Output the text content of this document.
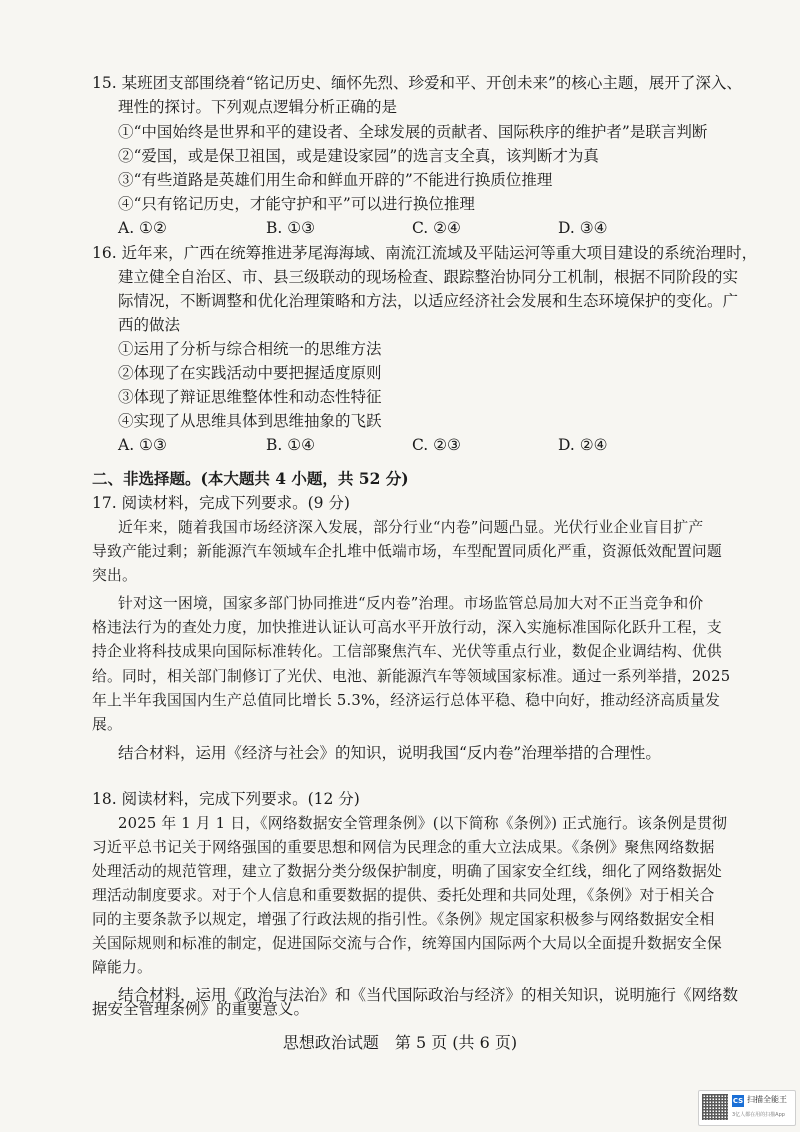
15. 某班团支部围绕着“铭记历史、缅怀先烈、珍爱和平、开创未来”的核心主题，展开了深入、
理性的探讨。下列观点逻辑分析正确的是
①“中国始终是世界和平的建设者、全球发展的贡献者、国际秩序的维护者”是联言判断
②“爱国，或是保卫祖国，或是建设家园”的选言支全真，该判断才为真
③“有些道路是英雄们用生命和鲜血开辟的”不能进行换质位推理
④“只有铭记历史，才能守护和平”可以进行换位推理
A. ①②	B. ①③	C. ②④	D. ③④
16. 近年来，广西在统筹推进茅尾海海域、南流江流域及平陆运河等重大项目建设的系统治理时，
建立健全自治区、市、县三级联动的现场检查、跟踪整治协同分工机制，根据不同阶段的实
际情况，不断调整和优化治理策略和方法，以适应经济社会发展和生态环境保护的变化。广
西的做法
①运用了分析与综合相统一的思维方法
②体现了在实践活动中要把握适度原则
③体现了辩证思维整体性和动态性特征
④实现了从思维具体到思维抽象的飞跃
A. ①③	B. ①④	C. ②③	D. ②④
二、非选择题。(本大题共 4 小题，共 52 分)
17. 阅读材料，完成下列要求。(9 分)
近年来，随着我国市场经济深入发展，部分行业“内卷”问题凸显。光伏行业企业盲目扩产
导致产能过剩；新能源汽车领域车企扎堆中低端市场，车型配置同质化严重，资源低效配置问题
突出。
针对这一困境，国家多部门协同推进“反内卷”治理。市场监管总局加大对不正当竞争和价
格违法行为的查处力度，加快推进认证认可高水平开放行动，深入实施标准国际化跃升工程，支
持企业将科技成果向国际标准转化。工信部聚焦汽车、光伏等重点行业，数促企业调结构、优供
给。同时，相关部门制修订了光伏、电池、新能源汽车等领域国家标准。通过一系列举措，2025
年上半年我国国内生产总值同比增长 5.3%，经济运行总体平稳、稳中向好，推动经济高质量发
展。
结合材料，运用《经济与社会》的知识，说明我国“反内卷”治理举措的合理性。
18. 阅读材料，完成下列要求。(12 分)
2025 年 1 月 1 日，《网络数据安全管理条例》(以下简称《条例》) 正式施行。该条例是贯彻
习近平总书记关于网络强国的重要思想和网信为民理念的重大立法成果。《条例》聚焦网络数据
处理活动的规范管理，建立了数据分类分级保护制度，明确了国家安全红线，细化了网络数据处
理活动制度要求。对于个人信息和重要数据的提供、委托处理和共同处理，《条例》对于相关合
同的主要条款予以规定，增强了行政法规的指引性。《条例》规定国家积极参与网络数据安全相
关国际规则和标准的制定，促进国际交流与合作，统筹国内国际两个大局以全面提升数据安全保
障能力。
结合材料，运用《政治与法治》和《当代国际政治与经济》的相关知识，说明施行《网络数
据安全管理条例》的重要意义。
思想政治试题　第 5 页 (共 6 页)
CS 扫描全能王
3亿人都在用的扫描App
